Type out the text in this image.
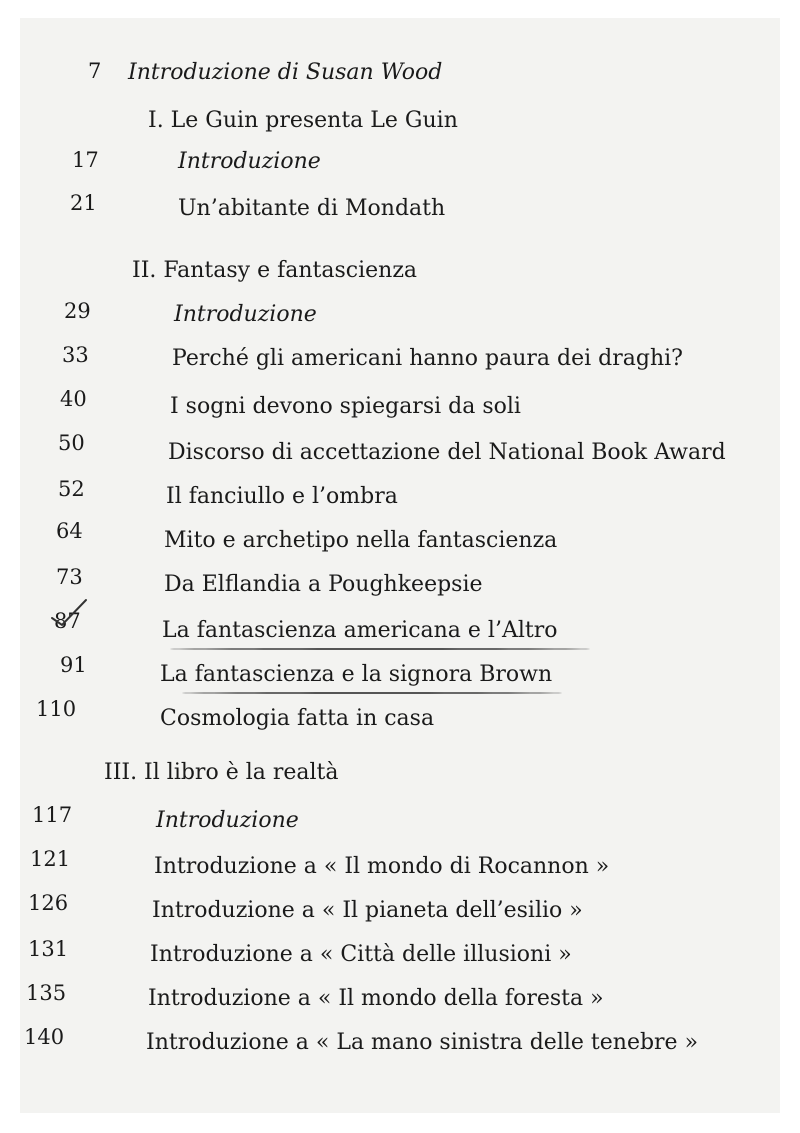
7 Introduzione di Susan Wood
I. Le Guin presenta Le Guin
17	Introduzione
21	Un’abitante di Mondath
II. Fantasy e fantascienza
29	Introduzione
33	Perché gli americani hanno paura dei draghi?
40	I sogni devono spiegarsi da soli
50	Discorso di accettazione del National Book Award
52	Il fanciullo e l’ombra
64	Mito e archetipo nella fantascienza
73	Da Elflandia a Poughkeepsie
87	La fantascienza americana e l’Altro
91	La fantascienza e la signora Brown
110	Cosmologia fatta in casa
III. Il libro è la realtà
117	Introduzione
121	Introduzione a « Il mondo di Rocannon »
126	Introduzione a « Il pianeta dell’esilio »
131	Introduzione a « Città delle illusioni »
135	Introduzione a « Il mondo della foresta »
140	Introduzione a « La mano sinistra delle tenebre »
